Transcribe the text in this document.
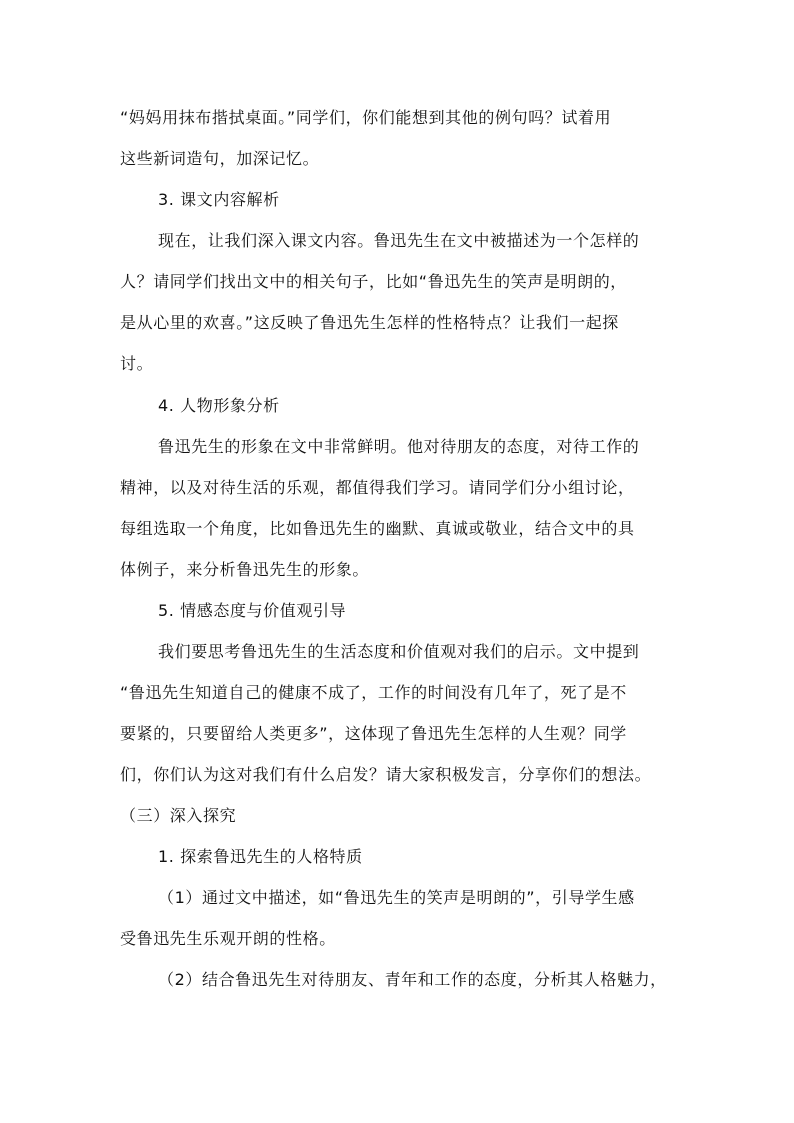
“妈妈用抹布揩拭桌面。”同学们，你们能想到其他的例句吗？试着用
这些新词造句，加深记忆。
3. 课文内容解析
现在，让我们深入课文内容。鲁迅先生在文中被描述为一个怎样的
人？请同学们找出文中的相关句子，比如“鲁迅先生的笑声是明朗的，
是从心里的欢喜。”这反映了鲁迅先生怎样的性格特点？让我们一起探
讨。
4. 人物形象分析
鲁迅先生的形象在文中非常鲜明。他对待朋友的态度，对待工作的
精神，以及对待生活的乐观，都值得我们学习。请同学们分小组讨论，
每组选取一个角度，比如鲁迅先生的幽默、真诚或敬业，结合文中的具
体例子，来分析鲁迅先生的形象。
5. 情感态度与价值观引导
我们要思考鲁迅先生的生活态度和价值观对我们的启示。文中提到
“鲁迅先生知道自己的健康不成了，工作的时间没有几年了，死了是不
要紧的，只要留给人类更多”，这体现了鲁迅先生怎样的人生观？同学
们，你们认为这对我们有什么启发？请大家积极发言，分享你们的想法。
（三）深入探究
1. 探索鲁迅先生的人格特质
（1）通过文中描述，如“鲁迅先生的笑声是明朗的”，引导学生感
受鲁迅先生乐观开朗的性格。
（2）结合鲁迅先生对待朋友、青年和工作的态度，分析其人格魅力，
